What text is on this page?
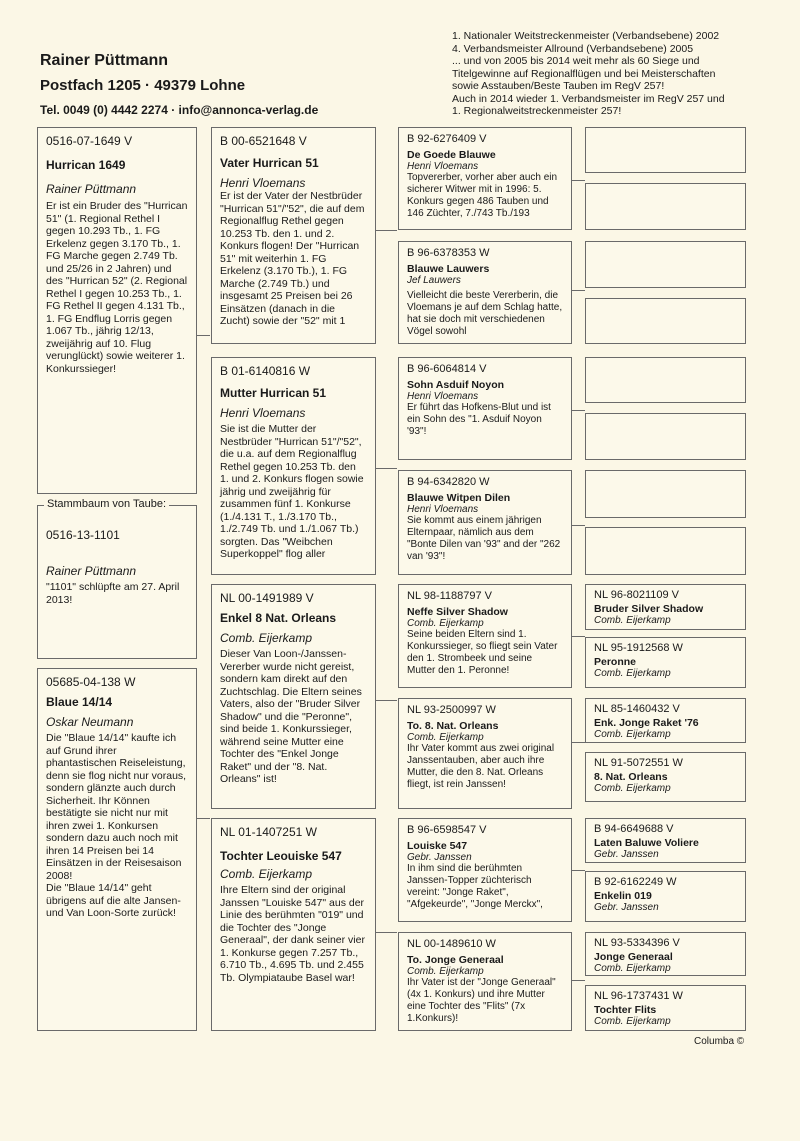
Rainer Püttmann
Postfach 1205 · 49379 Lohne
Tel. 0049 (0) 4442 2274 · info@annonca-verlag.de
1. Nationaler Weitstreckenmeister (Verbandsebene) 2002
4. Verbandsmeister Allround (Verbandsebene) 2005
... und von 2005 bis 2014 weit mehr als 60 Siege und
Titelgewinne auf Regionalflügen und bei Meisterschaften
sowie Asstauben/Beste Tauben im RegV 257!
Auch in 2014 wieder 1. Verbandsmeister im RegV 257 und
1. Regionalweitstreckenmeister 257!
0516-07-1649 V
Hurrican 1649
Rainer Püttmann
Er ist ein Bruder des "Hurrican 51" (1. Regional Rethel I gegen 10.293 Tb., 1. FG Erkelenz gegen 3.170 Tb., 1. FG Marche gegen 2.749 Tb. und 25/26 in 2 Jahren) und des "Hurrican 52" (2. Regional Rethel I gegen 10.253 Tb., 1. FG Rethel II gegen 4.131 Tb., 1. FG Endflug Lorris gegen 1.067 Tb., jährig 12/13, zweijährig auf 10. Flug verunglückt) sowie weiterer 1. Konkurssieger!
Stammbaum von Taube:
0516-13-1101
Rainer Püttmann
"1101" schlüpfte am 27. April 2013!
05685-04-138 W
Blaue 14/14
Oskar Neumann
Die "Blaue 14/14" kaufte ich auf Grund ihrer phantastischen Reiseleistung, denn sie flog nicht nur voraus, sondern glänzte auch durch Sicherheit. Ihr Können bestätigte sie nicht nur mit ihren zwei 1. Konkursen sondern dazu auch noch mit ihren 14 Preisen bei 14 Einsätzen in der Reisesaison 2008!
Die "Blaue 14/14" geht übrigens auf die alte Jansen- und Van Loon-Sorte zurück!
B 00-6521648 V
Vater Hurrican 51
Henri Vloemans
Er ist der Vater der Nestbrüder "Hurrican 51"/"52", die auf dem Regionalflug Rethel gegen 10.253 Tb. den 1. und 2. Konkurs flogen! Der "Hurrican 51" mit weiterhin 1. FG Erkelenz (3.170 Tb.), 1. FG Marche (2.749 Tb.) und insgesamt 25 Preisen bei 26 Einsätzen (danach in die Zucht) sowie der "52" mit 1
B 01-6140816 W
Mutter Hurrican 51
Henri Vloemans
Sie ist die Mutter der Nestbrüder "Hurrican 51"/"52", die u.a. auf dem Regionalflug Rethel gegen 10.253 Tb. den 1. und 2. Konkurs flogen sowie jährig und zweijährig für zusammen fünf 1. Konkurse (1./4.131 T., 1./3.170 Tb., 1./2.749 Tb. und 1./1.067 Tb.) sorgten. Das "Weibchen Superkoppel" flog aller
NL 00-1491989 V
Enkel 8 Nat. Orleans
Comb. Eijerkamp
Dieser Van Loon-/Janssen-Vererber wurde nicht gereist, sondern kam direkt auf den Zuchtschlag. Die Eltern seines Vaters, also der "Bruder Silver Shadow" und die "Peronne", sind beide 1. Konkurssieger, während seine Mutter eine Tochter des "Enkel Jonge Raket" und der "8. Nat. Orleans" ist!
NL 01-1407251 W
Tochter Leouiske 547
Comb. Eijerkamp
Ihre Eltern sind der original Janssen "Louiske 547" aus der Linie des berühmten "019" und die Tochter des "Jonge Generaal", der dank seiner vier 1. Konkurse gegen 7.257 Tb., 6.710 Tb., 4.695 Tb. und 2.455 Tb. Olympiataube Basel war!
B 92-6276409 V
De Goede Blauwe
Henri Vloemans
Topvererber, vorher aber auch ein sicherer Witwer mit in 1996: 5. Konkurs gegen 486 Tauben und 146 Züchter, 7./743 Tb./193
B 96-6378353 W
Blauwe Lauwers
Jef Lauwers
Vielleicht die beste Vererberin, die Vloemans je auf dem Schlag hatte, hat sie doch mit verschiedenen Vögel sowohl
B 96-6064814 V
Sohn Asduif Noyon
Henri Vloemans
Er führt das Hofkens-Blut und ist ein Sohn des "1. Asduif Noyon '93"!
B 94-6342820 W
Blauwe Witpen Dilen
Henri Vloemans
Sie kommt aus einem jährigen Elternpaar, nämlich aus dem "Bonte Dilen van '93" and der "262 van '93"!
NL 98-1188797 V
Neffe Silver Shadow
Comb. Eijerkamp
Seine beiden Eltern sind 1. Konkurssieger, so fliegt sein Vater den 1. Strombeek und seine Mutter den 1. Peronne!
NL 93-2500997 W
To. 8. Nat. Orleans
Comb. Eijerkamp
Ihr Vater kommt aus zwei original Janssentauben, aber auch ihre Mutter, die den 8. Nat. Orleans fliegt, ist rein Janssen!
B 96-6598547 V
Louiske 547
Gebr. Janssen
In ihm sind die berühmten Janssen-Topper züchterisch vereint: "Jonge Raket", "Afgekeurde", "Jonge Merckx",
NL 00-1489610 W
To. Jonge Generaal
Comb. Eijerkamp
Ihr Vater ist der "Jonge Generaal" (4x 1. Konkurs) und ihre Mutter eine Tochter des "Flits" (7x 1.Konkurs)!
NL 96-8021109 V
Bruder Silver Shadow
Comb. Eijerkamp
NL 95-1912568 W
Peronne
Comb. Eijerkamp
NL 85-1460432 V
Enk. Jonge Raket '76
Comb. Eijerkamp
NL 91-5072551 W
8. Nat. Orleans
Comb. Eijerkamp
B 94-6649688 V
Laten Baluwe Voliere
Gebr. Janssen
B 92-6162249 W
Enkelin 019
Gebr. Janssen
NL 93-5334396 V
Jonge Generaal
Comb. Eijerkamp
NL 96-1737431 W
Tochter Flits
Comb. Eijerkamp
Columba ©
